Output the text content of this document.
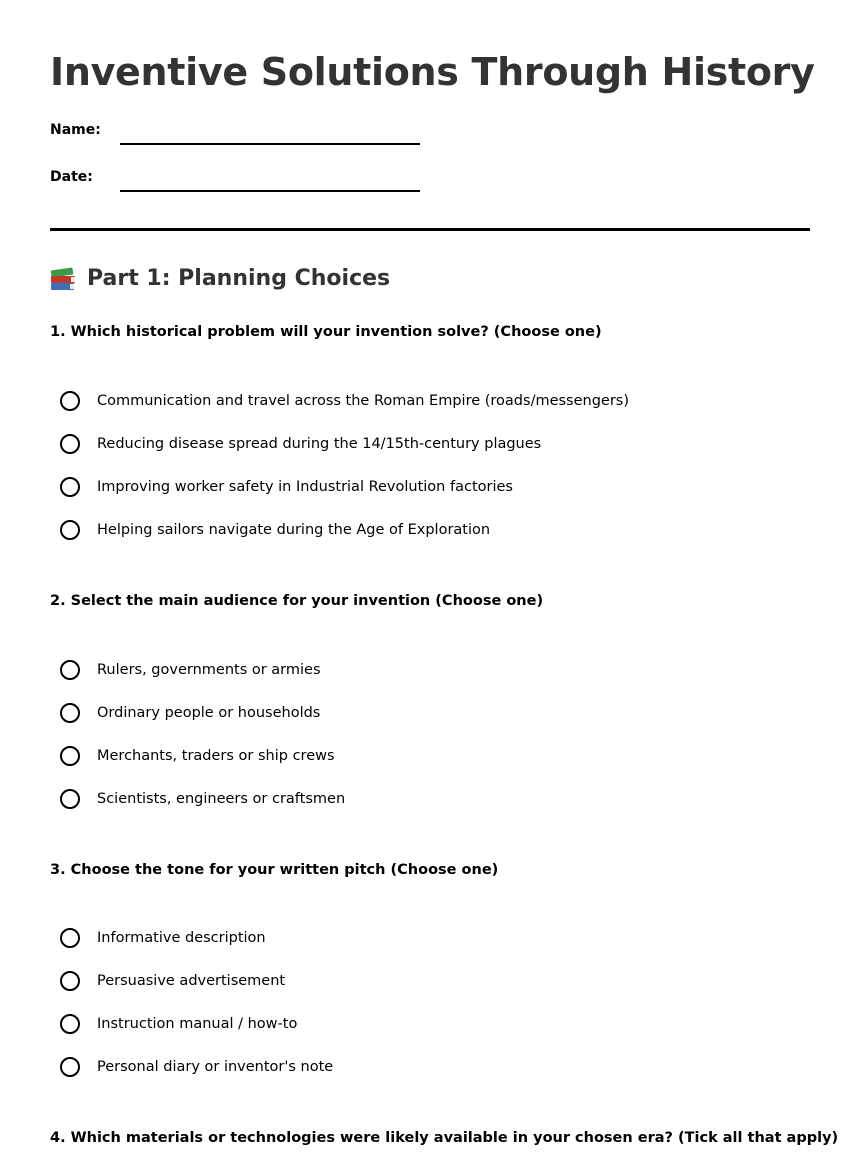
Inventive Solutions Through History
Name:
Date:
Part 1: Planning Choices

1. Which historical problem will your invention solve? (Choose one)

Communication and travel across the Roman Empire (roads/messengers)
Reducing disease spread during the 14/15th-century plagues
Improving worker safety in Industrial Revolution factories
Helping sailors navigate during the Age of Exploration

2. Select the main audience for your invention (Choose one)

Rulers, governments or armies
Ordinary people or households
Merchants, traders or ship crews
Scientists, engineers or craftsmen

3. Choose the tone for your written pitch (Choose one)

Informative description
Persuasive advertisement
Instruction manual / how-to
Personal diary or inventor's note

4. Which materials or technologies were likely available in your chosen era? (Tick all that apply)
